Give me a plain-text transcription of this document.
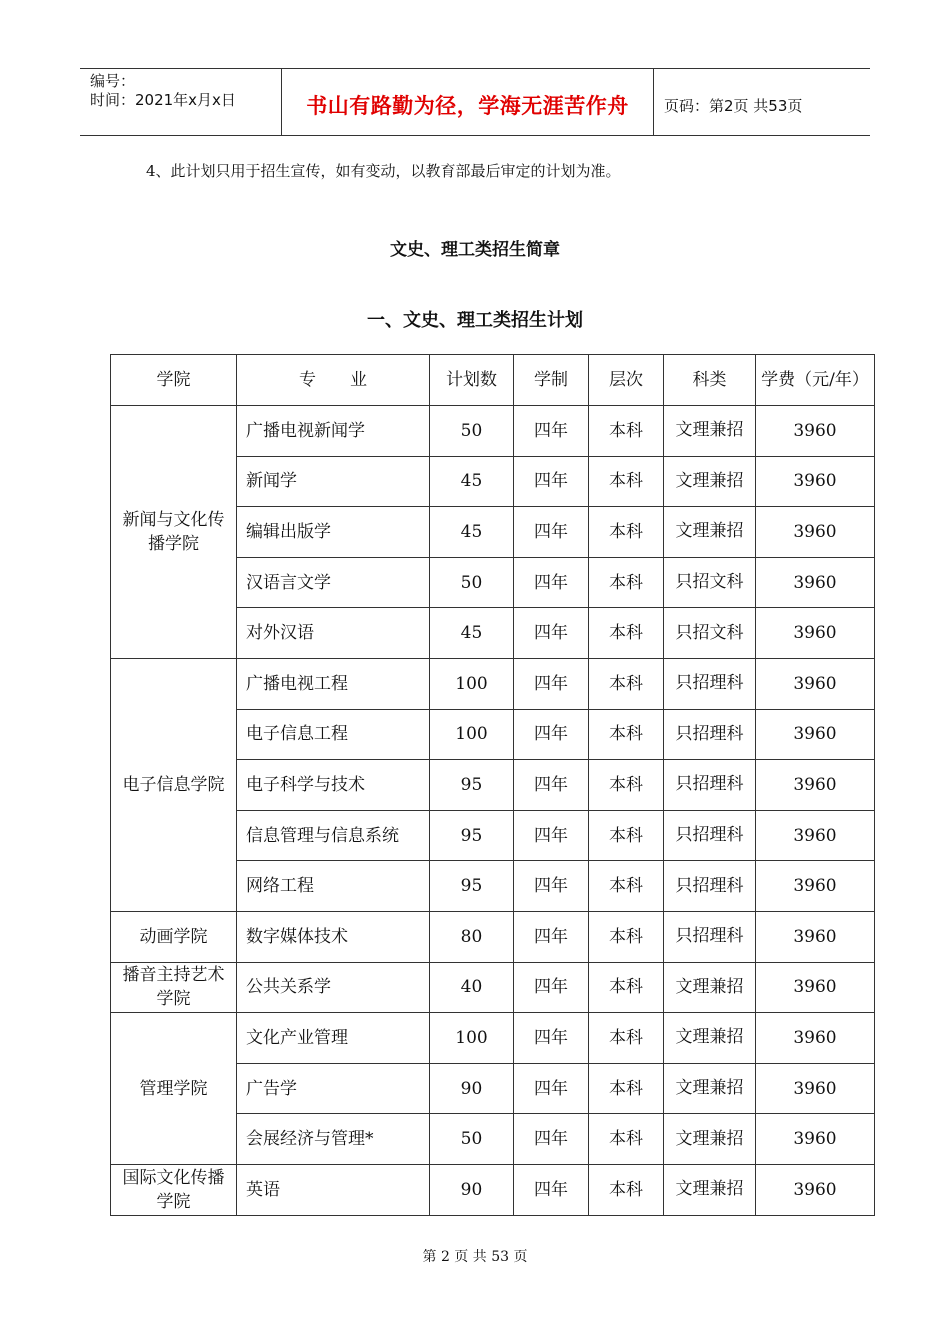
编号：
时间：2021年x月x日	书山有路勤为径，学海无涯苦作舟	页码：第2页 共53页
4、此计划只用于招生宣传，如有变动，以教育部最后审定的计划为准。
文史、理工类招生简章
一、文史、理工类招生计划
学院	专　　业	计划数	学制	层次	科类	学费（元/年）
新闻与文化传播学院	广播电视新闻学	50	四年	本科	文理兼招	3960
	新闻学	45	四年	本科	文理兼招	3960
	编辑出版学	45	四年	本科	文理兼招	3960
	汉语言文学	50	四年	本科	只招文科	3960
	对外汉语	45	四年	本科	只招文科	3960
电子信息学院	广播电视工程	100	四年	本科	只招理科	3960
	电子信息工程	100	四年	本科	只招理科	3960
	电子科学与技术	95	四年	本科	只招理科	3960
	信息管理与信息系统	95	四年	本科	只招理科	3960
	网络工程	95	四年	本科	只招理科	3960
动画学院	数字媒体技术	80	四年	本科	只招理科	3960
播音主持艺术学院	公共关系学	40	四年	本科	文理兼招	3960
管理学院	文化产业管理	100	四年	本科	文理兼招	3960
	广告学	90	四年	本科	文理兼招	3960
	会展经济与管理*	50	四年	本科	文理兼招	3960
国际文化传播学院	英语	90	四年	本科	文理兼招	3960
第 2 页 共 53 页
